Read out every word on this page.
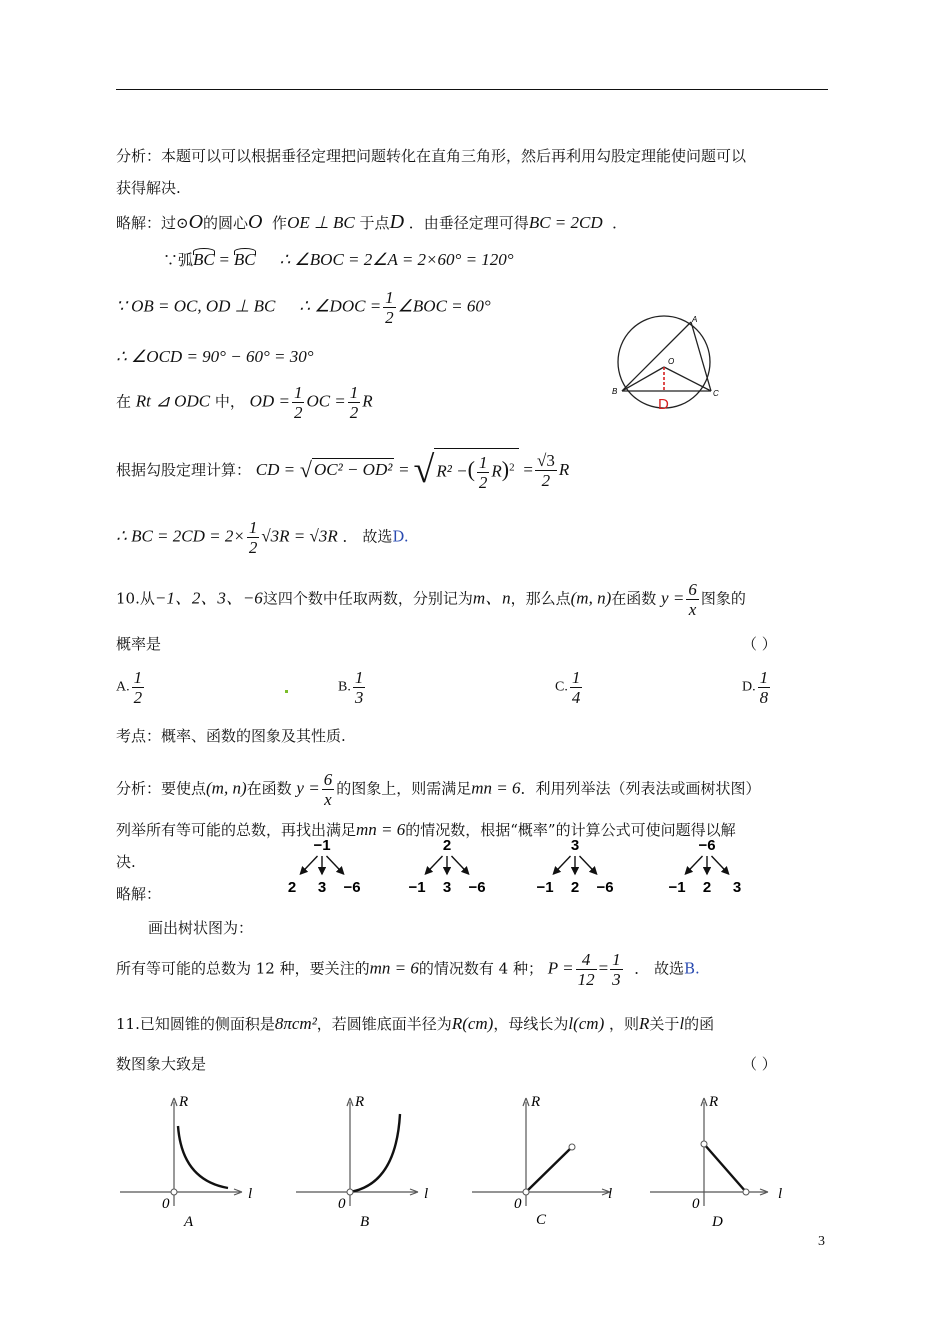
分析：本题可以可以根据垂径定理把问题转化在直角三角形，然后再利用勾股定理能使问题可以
获得解决.
略解：过⊙O的圆心O 作OE ⊥ BC 于点D ．由垂径定理可得BC = 2CD ．
∵弧BC = BC ∴ ∠BOC = 2∠A = 2×60° = 120°
∵ OB = OC, OD ⊥ BC ∴ ∠DOC = $\frac{1}{2}$ ∠BOC = 60°
∴ ∠OCD = 90° − 60° = 30°
在 Rt ⊿ ODC 中， OD = $\frac{1}{2}$ OC = $\frac{1}{2}$ R
A
O
B	C
D
根据勾股定理计算： CD = √ OC² − OD² = √ R² −( $\frac{1}{2} R)^2 = \frac{√3}{2}$ R
∴ BC = $2CD = 2\times \frac{1}{2} √3R = √3R$ ． 故选D.
10.从−1、2、3、−6这四个数中任取两数，分别记为m、n，那么点(m, n)在函数 $y = \frac{6}{x}$ 图象的
概率是	（ ）
A. $\frac{1}{2}$	B. $\frac{1}{3}$	C. $\frac{1}{4}$	D. $\frac{1}{8}$
考点：概率、函数的图象及其性质.
分析：要使点(m, n)在函数 $y = \frac{6}{x}$ 的图象上，则需满足mn = 6．利用列举法（列表法或画树状图）
列举所有等可能的总数，再找出满足mn = 6的情况数，根据“概率”的计算公式可使问题得以解
决.
略解：
−1
2 3 −6
2
−1 3 −6
3
−1 2 −6
−6
−1 2 3
画出树状图为：
所有等可能的总数为 12 种，要关注的mn = 6的情况数有 4 种； $P = \frac{4}{12} = \frac{1}{3}$ ． 故选B.
11.已知圆锥的侧面积是8πcm²，若圆锥底面半径为R(cm)，母线长为l(cm) ，则R关于l的函
数图象大致是	（ ）
R
l
0
A
R
l
0
B
R
l
0
C
R
l
0
D
3
